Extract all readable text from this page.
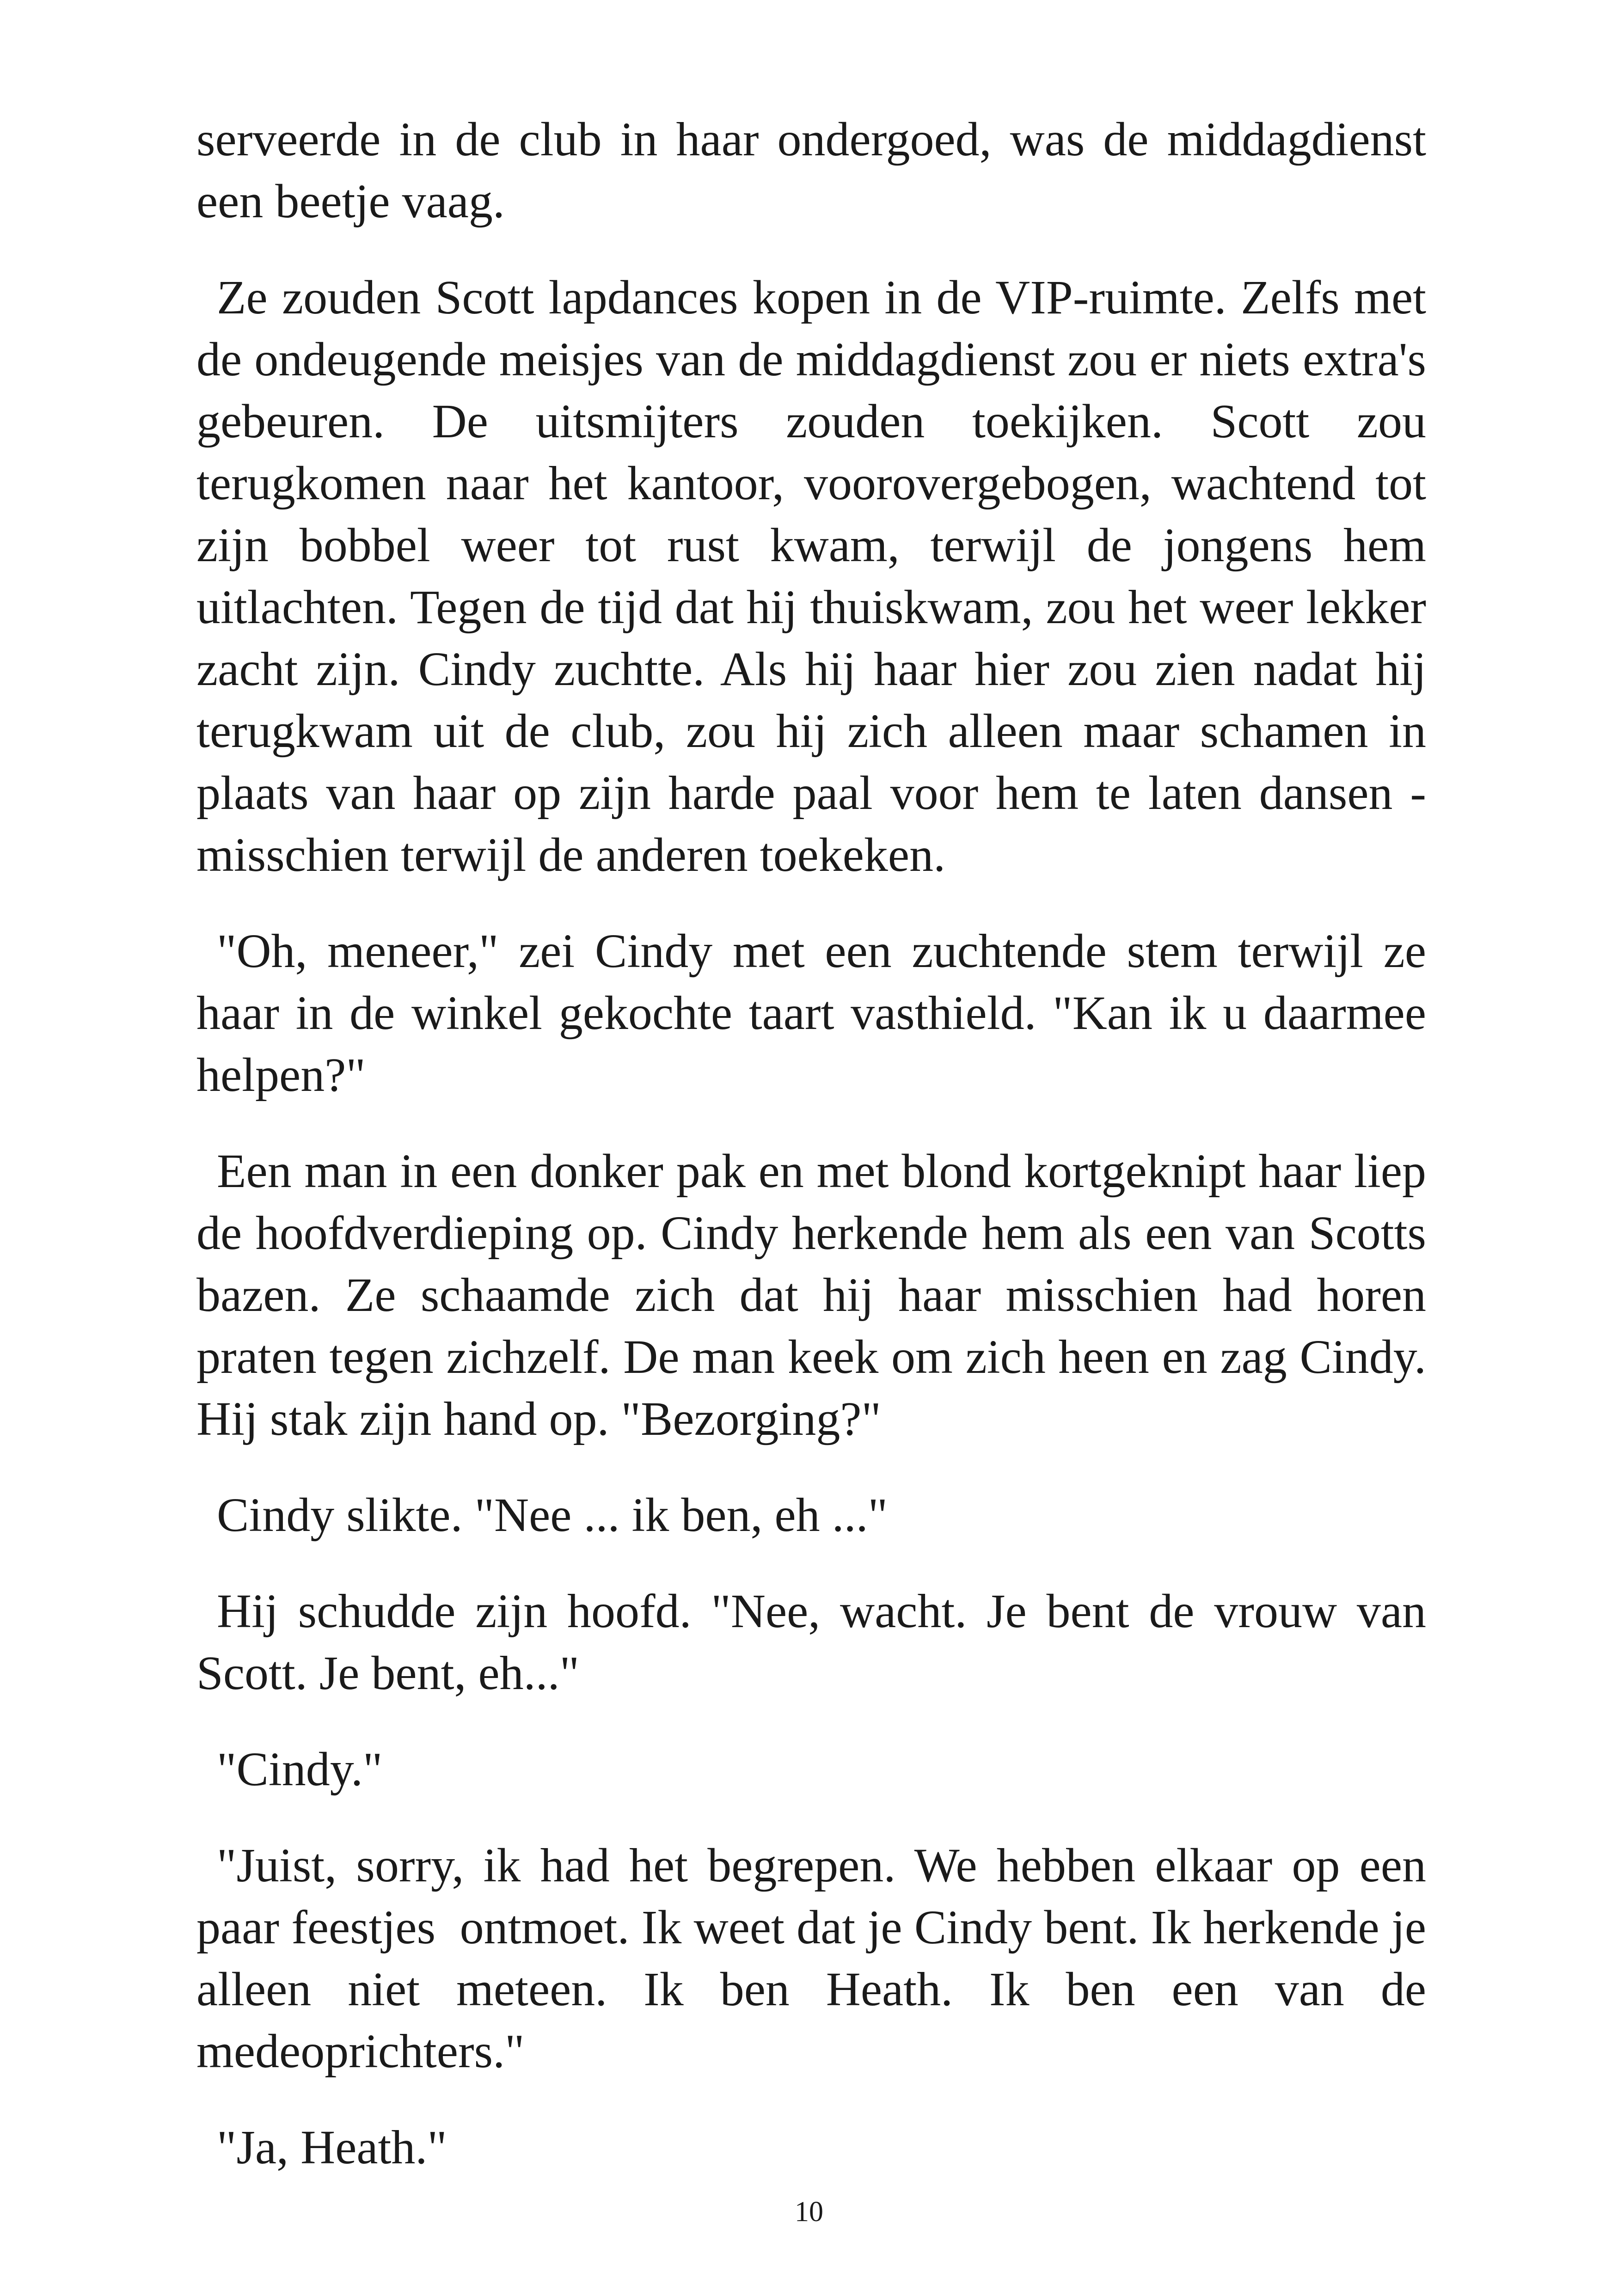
serveerde in de club in haar ondergoed, was de middagdienst een beetje vaag.

Ze zouden Scott lapdances kopen in de VIP-ruimte. Zelfs met de ondeugende meisjes van de middagdienst zou er niets extra's gebeuren. De uitsmijters zouden toekijken. Scott zou terugkomen naar het kantoor, voorovergebogen, wachtend tot zijn bobbel weer tot rust kwam, terwijl de jongens hem uitlachten. Tegen de tijd dat hij thuiskwam, zou het weer lekker zacht zijn. Cindy zuchtte. Als hij haar hier zou zien nadat hij terugkwam uit de club, zou hij zich alleen maar schamen in plaats van haar op zijn harde paal voor hem te laten dansen - misschien terwijl de anderen toekeken.

"Oh, meneer," zei Cindy met een zuchtende stem terwijl ze haar in de winkel gekochte taart vasthield. "Kan ik u daarmee helpen?"

Een man in een donker pak en met blond kortgeknipt haar liep de hoofdverdieping op. Cindy herkende hem als een van Scotts bazen. Ze schaamde zich dat hij haar misschien had horen praten tegen zichzelf. De man keek om zich heen en zag Cindy. Hij stak zijn hand op. "Bezorging?"

Cindy slikte. "Nee ... ik ben, eh ..."

Hij schudde zijn hoofd. "Nee, wacht. Je bent de vrouw van Scott. Je bent, eh..."

"Cindy."

"Juist, sorry, ik had het begrepen. We hebben elkaar op een paar feestjes  ontmoet. Ik weet dat je Cindy bent. Ik herkende je alleen niet meteen. Ik ben Heath. Ik ben een van de medeoprichters."

"Ja, Heath."

10
